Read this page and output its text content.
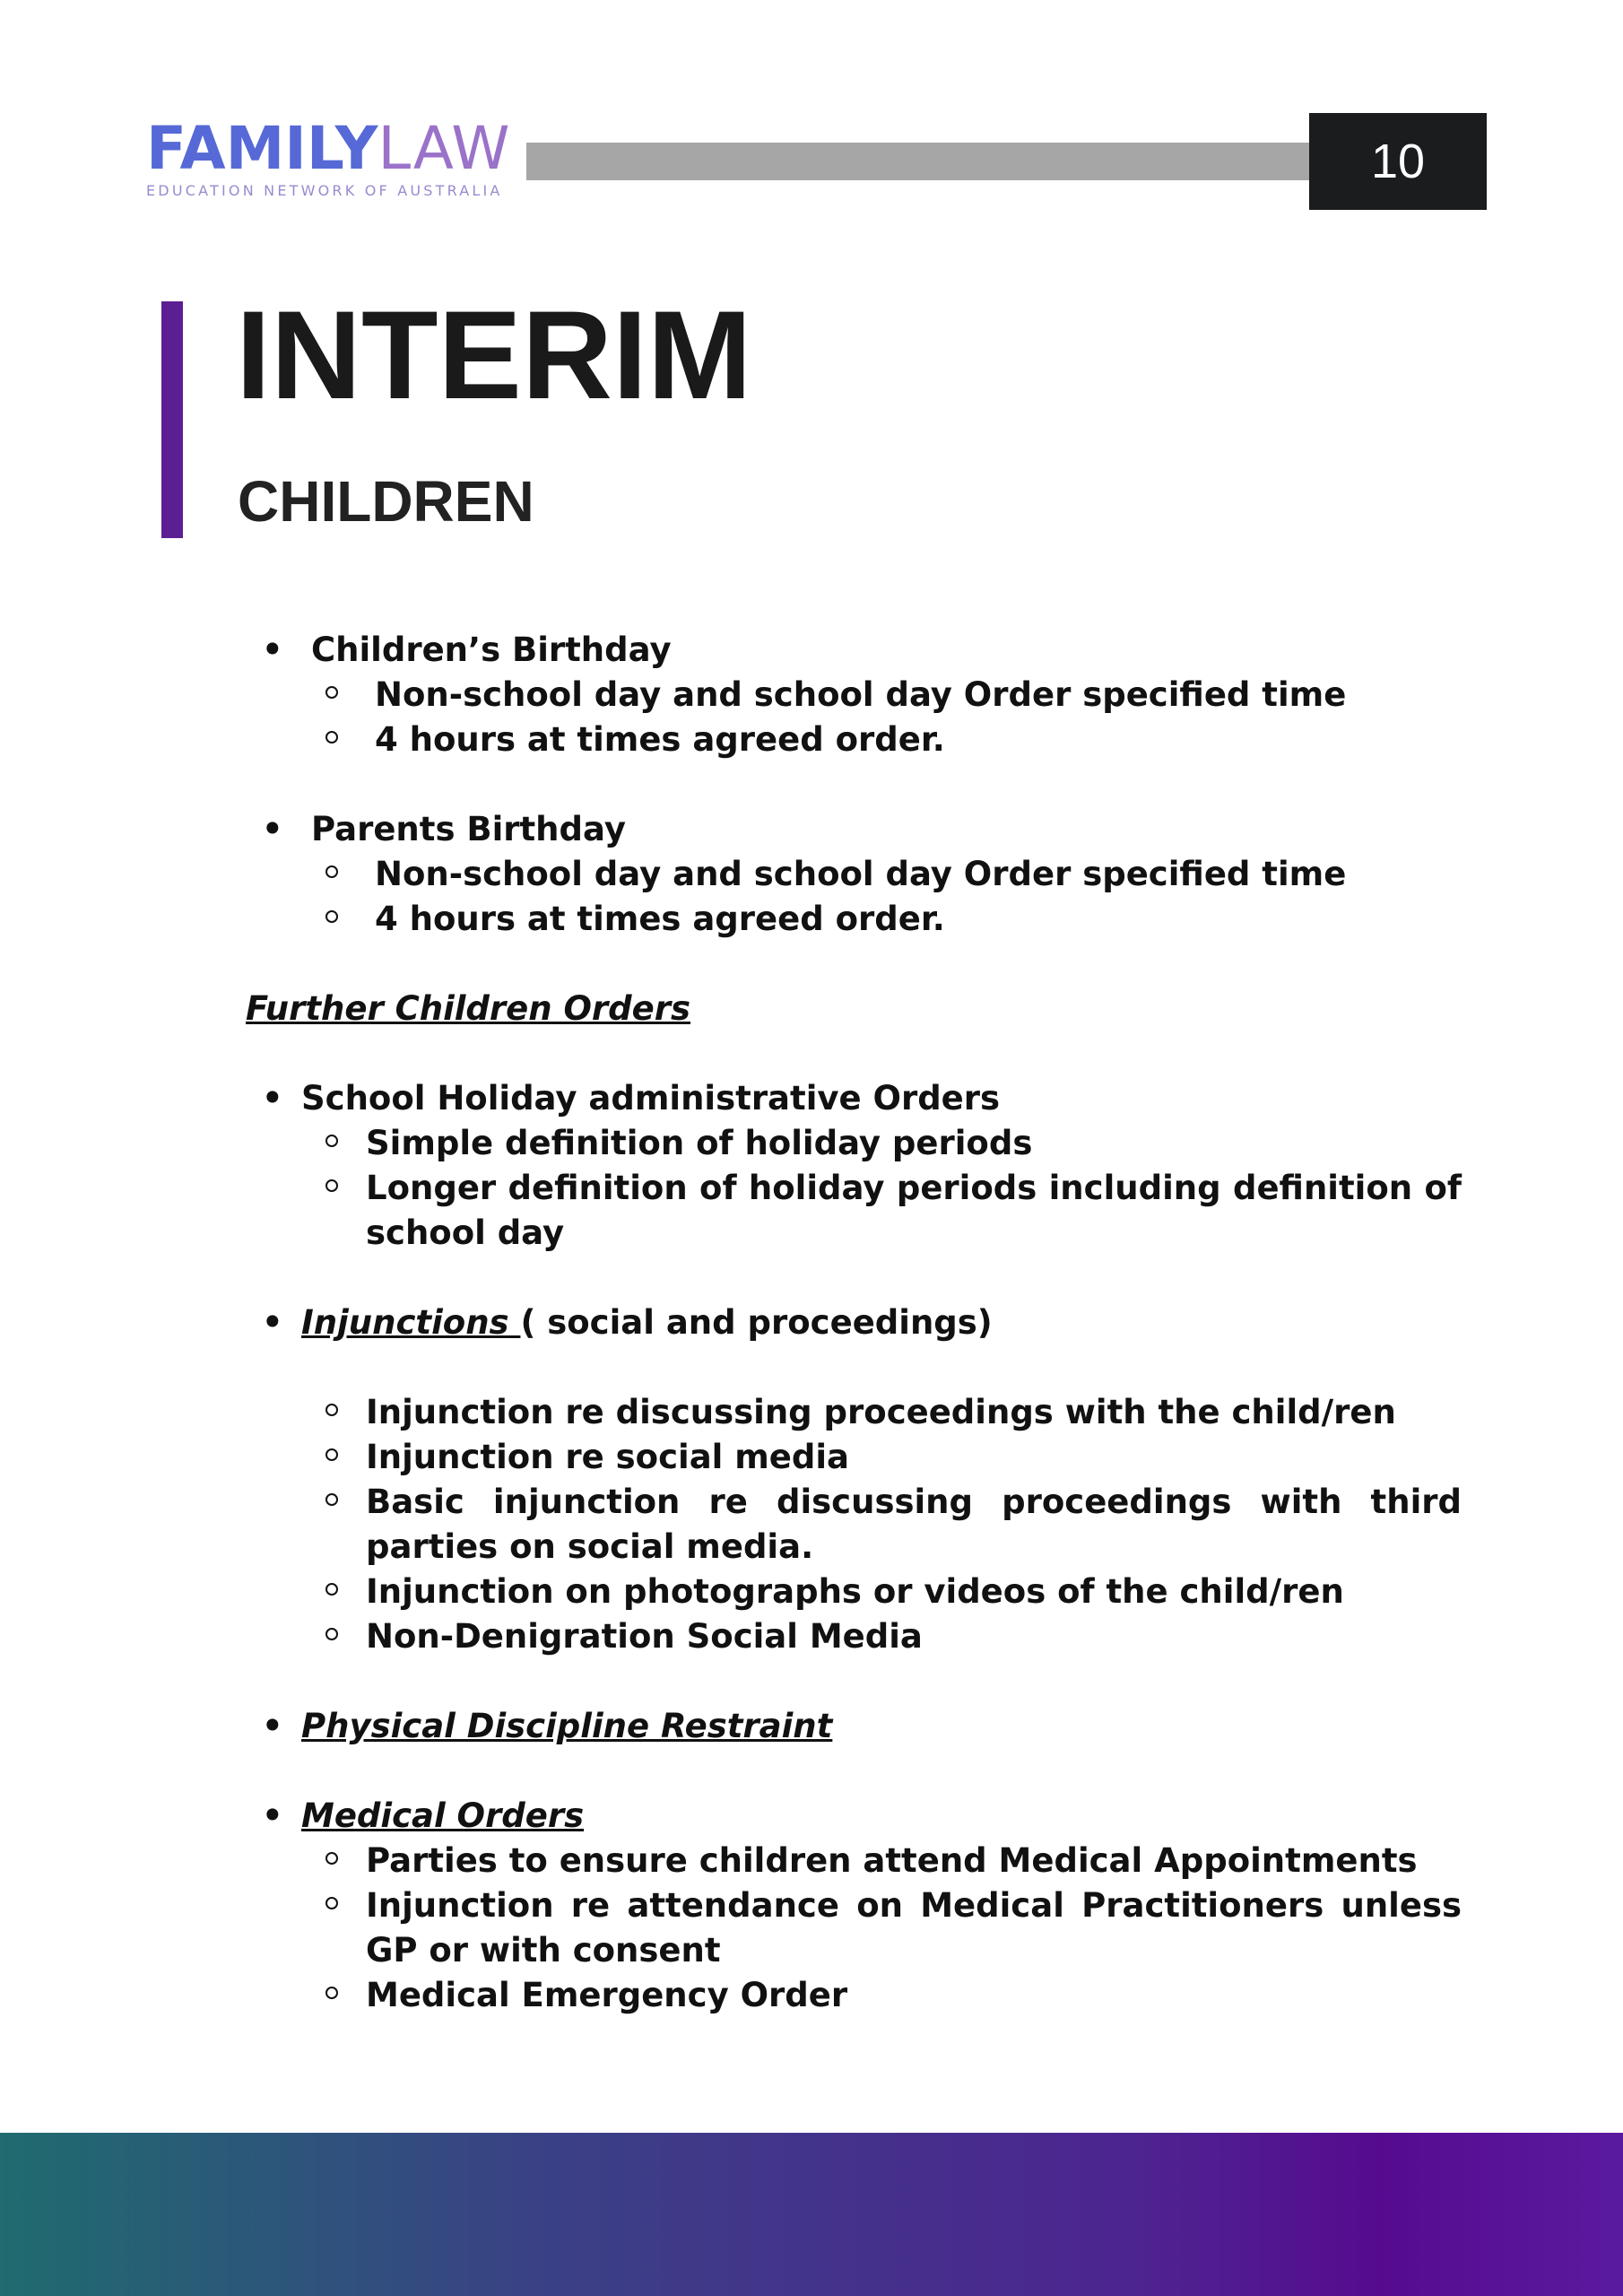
FAMILYLAW
EDUCATION NETWORK OF AUSTRALIA
10
INTERIM
CHILDREN
• Children’s Birthday
Non-school day and school day Order specified time
4 hours at times agreed order.
• Parents Birthday
Non-school day and school day Order specified time
4 hours at times agreed order.
Further Children Orders
• School Holiday administrative Orders
Simple definition of holiday periods
Longer definition of holiday periods including definition of school day
• Injunctions ( social and proceedings)
Injunction re discussing proceedings with the child/ren
Injunction re social media
Basic injunction re discussing proceedings with third parties on social media.
Injunction on photographs or videos of the child/ren
Non-Denigration Social Media
• Physical Discipline Restraint
• Medical Orders
Parties to ensure children attend Medical Appointments
Injunction re attendance on Medical Practitioners unless GP or with consent
Medical Emergency Order
